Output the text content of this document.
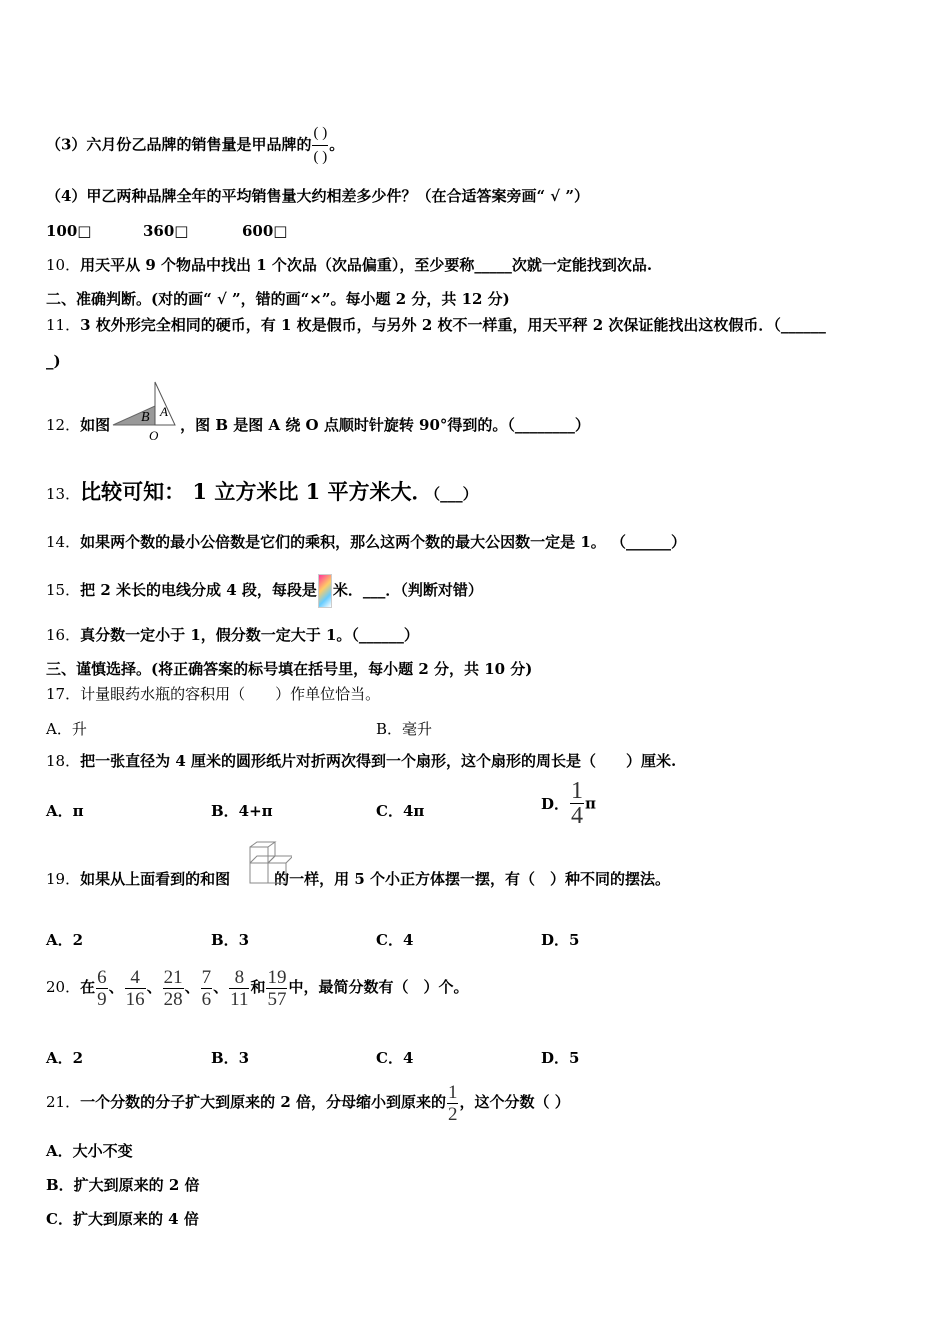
（3）六月份乙品牌的销售量是甲品牌的 $\frac{( )}{( )}$ 。
（4）甲乙两种品牌全年的平均销售量大约相差多少件？（在合适答案旁画“ √ ”）
100□	360□	600□
10．用天平从 9 个物品中找出 1 个次品（次品偏重），至少要称_____次就一定能找到次品.
二、准确判断。(对的画“ √ ”，错的画“×”。每小题 2 分，共 12 分)
11．3 枚外形完全相同的硬币，有 1 枚是假币，与另外 2 枚不一样重，用天平秤 2 次保证能找出这枚假币．（______
_)
12．如图	，图 B 是图 A 绕 O 点顺时针旋转 90°得到的。（________）
B A
O
13．比较可知： 1 立方米比 1 平方米大．（___）
14．如果两个数的最小公倍数是它们的乘积，那么这两个数的最大公因数一定是 1。 （______）
15．把 2 米长的电线分成 4 段，每段是 米．___．（判断对错）
16．真分数一定小于 1，假分数一定大于 1。（______）
三、谨慎选择。(将正确答案的标号填在括号里，每小题 2 分，共 10 分)
17．计量眼药水瓶的容积用（　　）作单位恰当。
A．升	B．毫升
18．把一张直径为 4 厘米的圆形纸片对折两次得到一个扇形，这个扇形的周长是（　　）厘米.
A．π	B．4+π	C．4π	D． $\frac{1}{4}$ π
19．如果从上面看到的和图	的一样，用 5 个小正方体摆一摆，有（　）种不同的摆法。
A．2	B．3	C．4	D．5
20．在 $\frac{6}{9}$ 、 $\frac{4}{16}$ 、 $\frac{21}{28}$ 、 $\frac{7}{6}$ 、 $\frac{8}{11}$ 和 $\frac{19}{57}$ 中，最简分数有（　）个。
A．2	B．3	C．4	D．5
21．一个分数的分子扩大到原来的 2 倍，分母缩小到原来的 $\frac{1}{2}$ ，这个分数（ ）
A．大小不变
B．扩大到原来的 2 倍
C．扩大到原来的 4 倍
